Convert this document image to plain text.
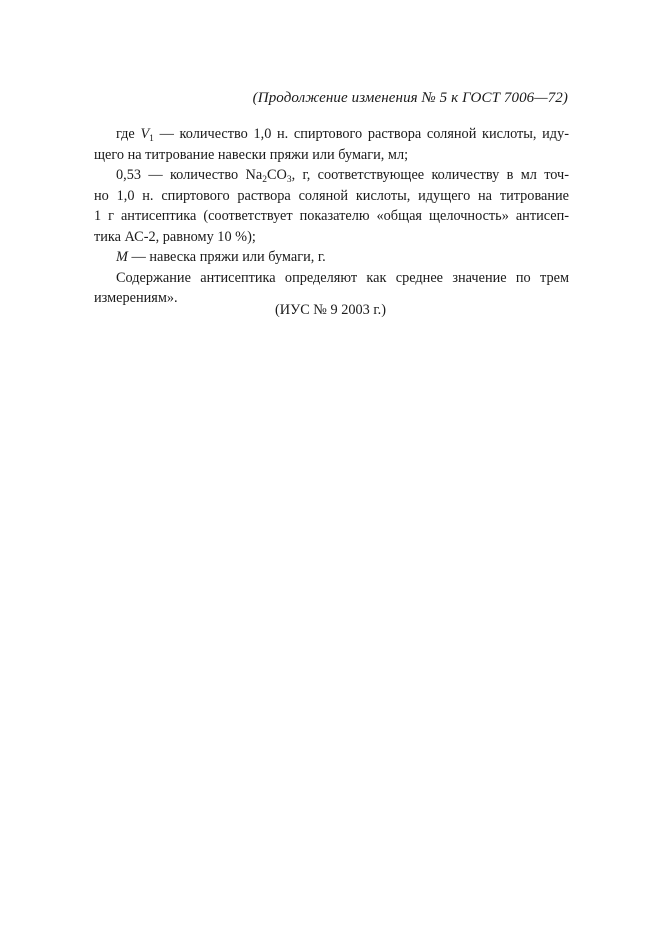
(Продолжение изменения № 5 к ГОСТ 7006—72)
где $V_1$ — количество 1,0 н. спиртового раствора соляной кислоты, иду-
щего на титрование навески пряжи или бумаги, мл;
0,53 — количество $Na_2CO_3$, г, соответствующее количеству в мл точ-
но 1,0 н. спиртового раствора соляной кислоты, идущего на титрование
1 г антисептика (соответствует показателю «общая щелочность» антисеп-
тика АС-2, равному 10 %);
M — навеска пряжи или бумаги, г.
Содержание антисептика определяют как среднее значение по трем
измерениям».
(ИУС № 9 2003 г.)
